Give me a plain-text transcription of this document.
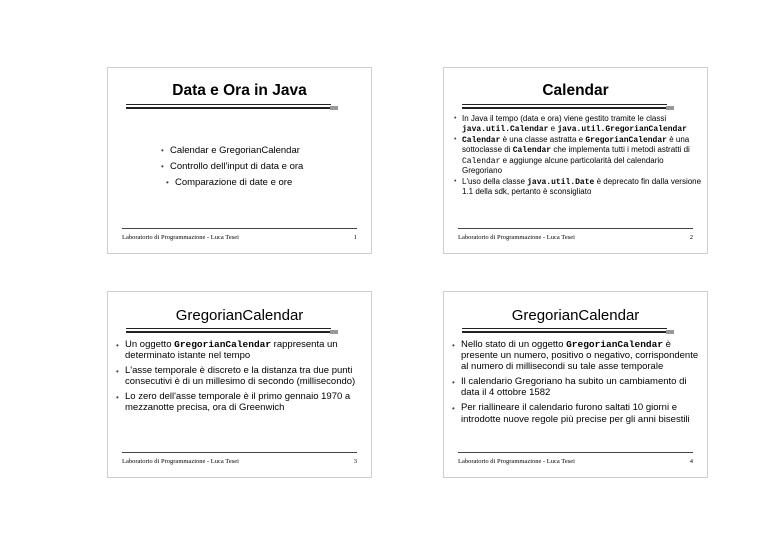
Data e Ora in Java
• Calendar e GregorianCalendar
• Controllo dell'input di data e ora
• Comparazione di date e ore
Laboratorio di Programmazione - Luca Tesei	1
Calendar
• In Java il tempo (data e ora) viene gestito tramite le classi java.util.Calendar e java.util.GregorianCalendar
• Calendar è una classe astratta e GregorianCalendar è una sottoclasse di Calendar che implementa tutti i metodi astratti di Calendar e aggiunge alcune particolarità del calendario Gregoriano
• L'uso della classe java.util.Date è deprecato fin dalla versione 1.1 della sdk, pertanto è sconsigliato
Laboratorio di Programmazione - Luca Tesei	2
GregorianCalendar
• Un oggetto GregorianCalendar rappresenta un determinato istante nel tempo
• L'asse temporale è discreto e la distanza tra due punti consecutivi è di un millesimo di secondo (millisecondo)
• Lo zero dell'asse temporale è il primo gennaio 1970 a mezzanotte precisa, ora di Greenwich
Laboratorio di Programmazione - Luca Tesei	3
GregorianCalendar
• Nello stato di un oggetto GregorianCalendar è presente un numero, positivo o negativo, corrispondente al numero di millisecondi su tale asse temporale
• Il calendario Gregoriano ha subito un cambiamento di data il 4 ottobre 1582
• Per riallineare il calendario furono saltati 10 giorni e introdotte nuove regole più precise per gli anni bisestili
Laboratorio di Programmazione - Luca Tesei	4
